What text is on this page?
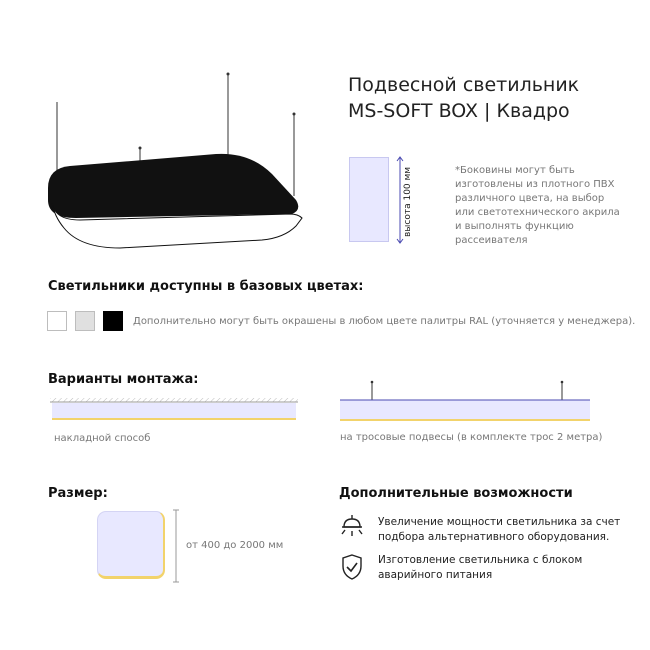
Подвесной светильник
MS-SOFT BOX | Квадро
высота 100 мм	*Боковины могут быть изготовлены из плотного ПВХ различного цвета, на выбор или светотехнического акрила и выполнять функцию рассеивателя
Светильники доступны в базовых цветах:
Дополнительно могут быть окрашены в любом цвете палитры RAL (уточняется у менеджера).
Варианты монтажа:
накладной способ	на тросовые подвесы (в комплекте трос 2 метра)
Размер:
от 400 до 2000 мм
Дополнительные возможности
Увеличение мощности светильника за счет
подбора альтернативного оборудования.
Изготовление светильника с блоком
аварийного питания
